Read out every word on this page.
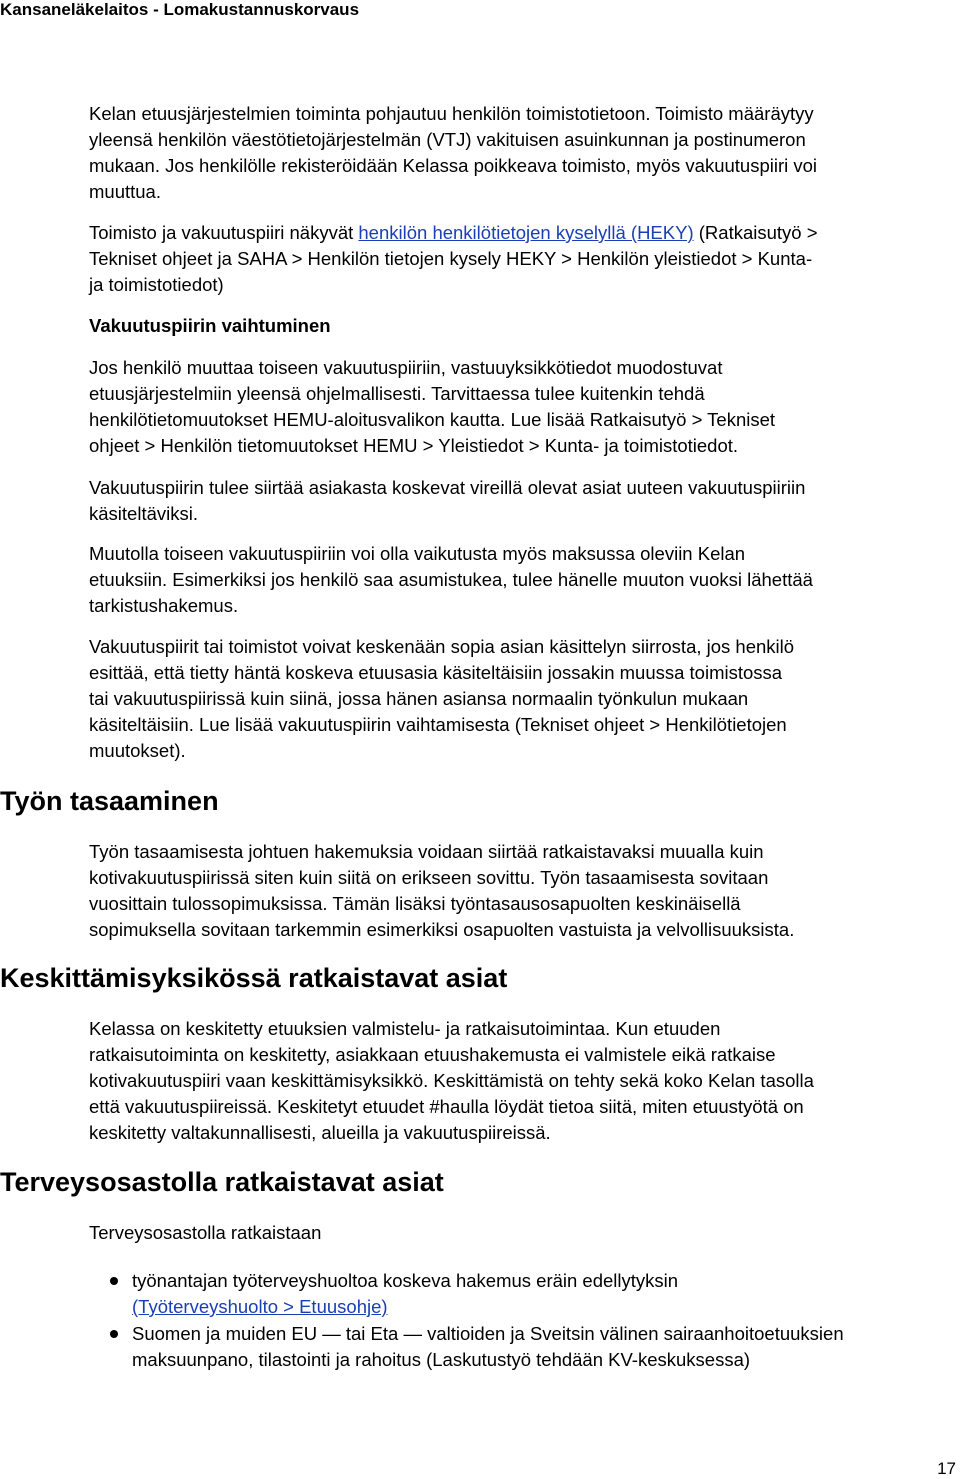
Kansaneläkelaitos - Lomakustannuskorvaus

Kelan etuusjärjestelmien toiminta pohjautuu henkilön toimistotietoon. Toimisto määräytyy
yleensä henkilön väestötietojärjestelmän (VTJ) vakituisen asuinkunnan ja postinumeron
mukaan. Jos henkilölle rekisteröidään Kelassa poikkeava toimisto, myös vakuutuspiiri voi
muuttua.

Toimisto ja vakuutuspiiri näkyvät henkilön henkilötietojen kyselyllä (HEKY) (Ratkaisutyö >
Tekniset ohjeet ja SAHA > Henkilön tietojen kysely HEKY > Henkilön yleistiedot > Kunta-
ja toimistotiedot)

Vakuutuspiirin vaihtuminen

Jos henkilö muuttaa toiseen vakuutuspiiriin, vastuuyksikkötiedot muodostuvat
etuusjärjestelmiin yleensä ohjelmallisesti. Tarvittaessa tulee kuitenkin tehdä
henkilötietomuutokset HEMU-aloitusvalikon kautta. Lue lisää Ratkaisutyö > Tekniset
ohjeet > Henkilön tietomuutokset HEMU > Yleistiedot > Kunta- ja toimistotiedot.

Vakuutuspiirin tulee siirtää asiakasta koskevat vireillä olevat asiat uuteen vakuutuspiiriin
käsiteltäviksi.

Muutolla toiseen vakuutuspiiriin voi olla vaikutusta myös maksussa oleviin Kelan
etuuksiin. Esimerkiksi jos henkilö saa asumistukea, tulee hänelle muuton vuoksi lähettää
tarkistushakemus.

Vakuutuspiirit tai toimistot voivat keskenään sopia asian käsittelyn siirrosta, jos henkilö
esittää, että tietty häntä koskeva etuusasia käsiteltäisiin jossakin muussa toimistossa
tai vakuutuspiirissä kuin siinä, jossa hänen asiansa normaalin työnkulun mukaan
käsiteltäisiin. Lue lisää vakuutuspiirin vaihtamisesta (Tekniset ohjeet > Henkilötietojen
muutokset).

Työn tasaaminen

Työn tasaamisesta johtuen hakemuksia voidaan siirtää ratkaistavaksi muualla kuin
kotivakuutuspiirissä siten kuin siitä on erikseen sovittu. Työn tasaamisesta sovitaan
vuosittain tulossopimuksissa. Tämän lisäksi työntasausosapuolten keskinäisellä
sopimuksella sovitaan tarkemmin esimerkiksi osapuolten vastuista ja velvollisuuksista.

Keskittämisyksikössä ratkaistavat asiat

Kelassa on keskitetty etuuksien valmistelu- ja ratkaisutoimintaa. Kun etuuden
ratkaisutoiminta on keskitetty, asiakkaan etuushakemusta ei valmistele eikä ratkaise
kotivakuutuspiiri vaan keskittämisyksikkö. Keskittämistä on tehty sekä koko Kelan tasolla
että vakuutuspiireissä. Keskitetyt etuudet #haulla löydät tietoa siitä, miten etuustyötä on
keskitetty valtakunnallisesti, alueilla ja vakuutuspiireissä.

Terveysosastolla ratkaistavat asiat

Terveysosastolla ratkaistaan

työnantajan työterveyshuoltoa koskeva hakemus eräin edellytyksin
(Työterveyshuolto > Etuusohje)

Suomen ja muiden EU — tai Eta — valtioiden ja Sveitsin välinen sairaanhoitoetuuksien
maksuunpano, tilastointi ja rahoitus (Laskutustyö tehdään KV-keskuksessa)

17
